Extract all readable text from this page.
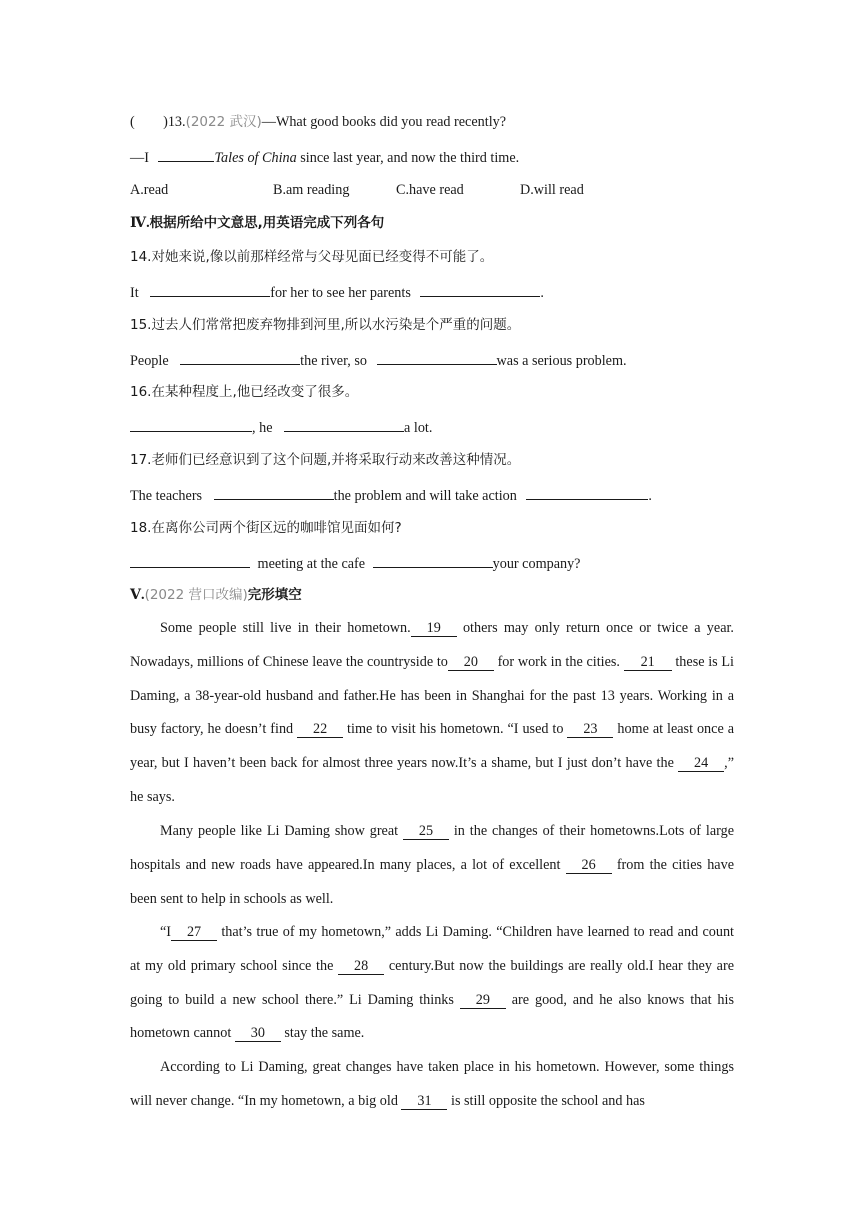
(        )13.(2022 武汉)—What good books did you read recently?
—I	Tales of China since last year, and now the third time.
A.read	B.am reading	C.have read	D.will read
Ⅳ.根据所给中文意思,用英语完成下列各句
14.对她来说,像以前那样经常与父母见面已经变得不可能了。
It	for her to see her parents	.
15.过去人们常常把废弃物排到河里,所以水污染是个严重的问题。
People	the river, so	was a serious problem.
16.在某种程度上,他已经改变了很多。
, he	a lot.
17.老师们已经意识到了这个问题,并将采取行动来改善这种情况。
The teachers	the problem and will take action	.
18.在离你公司两个街区远的咖啡馆见面如何?
meeting at the cafe	your company?
Ⅴ.(2022 营口改编)完形填空
Some people still live in their hometown. 19 others may only return once or twice a year. Nowadays, millions of Chinese leave the countryside to 20 for work in the cities. 21 these is Li Daming, a 38-year-old husband and father.He has been in Shanghai for the past 13 years. Working in a busy factory, he doesn’t find 22 time to visit his hometown. “I used to 23 home at least once a year, but I haven’t been back for almost three years now.It’s a shame, but I just don’t have the 24 ,” he says.
Many people like Li Daming show great 25 in the changes of their hometowns.Lots of large hospitals and new roads have appeared.In many places, a lot of excellent 26 from the cities have been sent to help in schools as well.
“I 27 that’s true of my hometown,” adds Li Daming. “Children have learned to read and count at my old primary school since the 28 century.But now the buildings are really old.I hear they are going to build a new school there.” Li Daming thinks 29 are good, and he also knows that his hometown cannot 30 stay the same.
According to Li Daming, great changes have taken place in his hometown. However, some things will never change. “In my hometown, a big old 31 is still opposite the school and has
